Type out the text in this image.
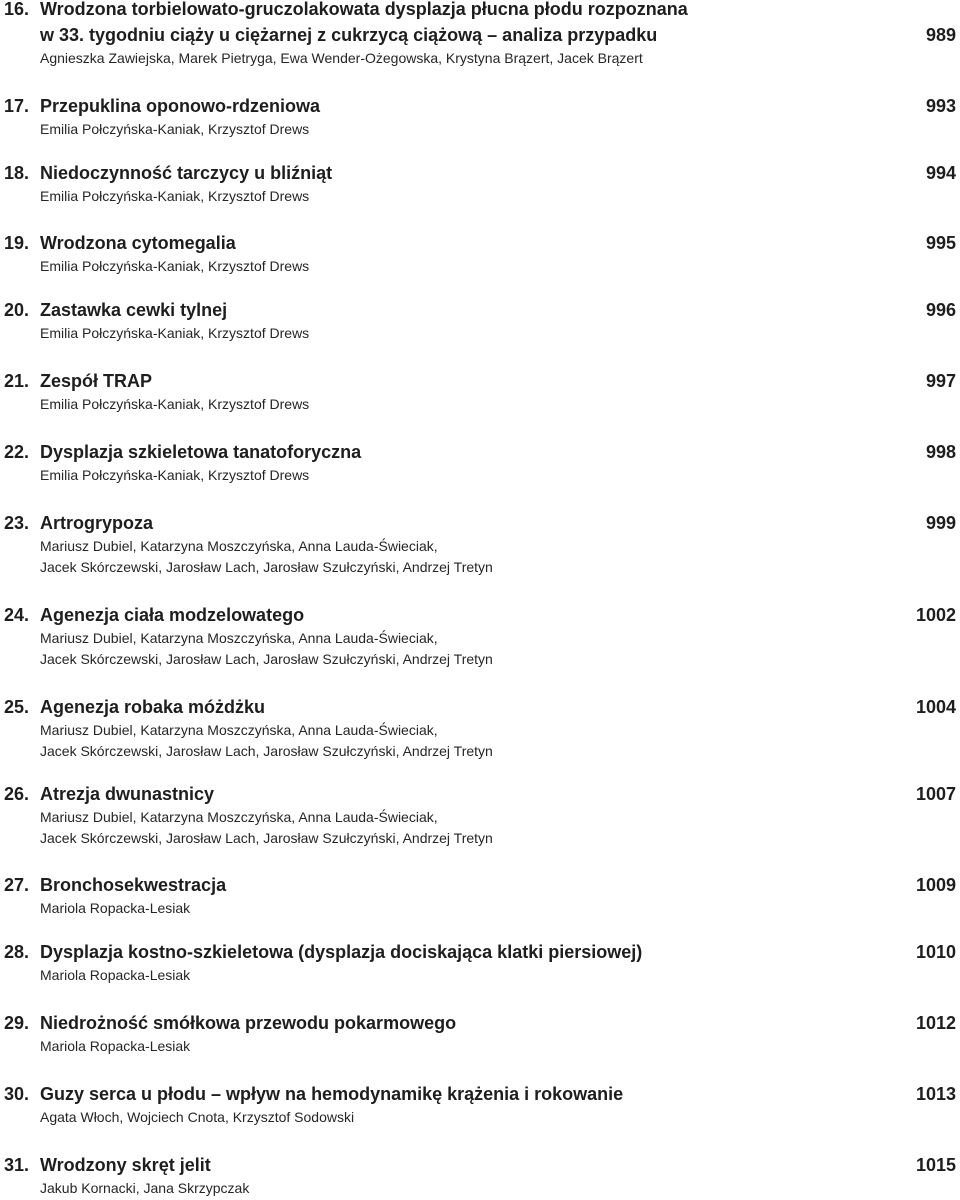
16. Wrodzona torbielowato-gruczolakowata dysplazja płucna płodu rozpoznana
w 33. tygodniu ciąży u ciężarnej z cukrzycą ciążową – analiza przypadku	989
Agnieszka Zawiejska, Marek Pietryga, Ewa Wender-Ożegowska, Krystyna Brązert, Jacek Brązert
17. Przepuklina oponowo-rdzeniowa	993
Emilia Połczyńska-Kaniak, Krzysztof Drews
18. Niedoczynność tarczycy u bliźniąt	994
Emilia Połczyńska-Kaniak, Krzysztof Drews
19. Wrodzona cytomegalia	995
Emilia Połczyńska-Kaniak, Krzysztof Drews
20. Zastawka cewki tylnej	996
Emilia Połczyńska-Kaniak, Krzysztof Drews
21. Zespół TRAP	997
Emilia Połczyńska-Kaniak, Krzysztof Drews
22. Dysplazja szkieletowa tanatoforyczna	998
Emilia Połczyńska-Kaniak, Krzysztof Drews
23. Artrogrypoza	999
Mariusz Dubiel, Katarzyna Moszczyńska, Anna Lauda-Świeciak,
Jacek Skórczewski, Jarosław Lach, Jarosław Szułczyński, Andrzej Tretyn
24. Agenezja ciała modzelowatego	1002
Mariusz Dubiel, Katarzyna Moszczyńska, Anna Lauda-Świeciak,
Jacek Skórczewski, Jarosław Lach, Jarosław Szułczyński, Andrzej Tretyn
25. Agenezja robaka móżdżku	1004
Mariusz Dubiel, Katarzyna Moszczyńska, Anna Lauda-Świeciak,
Jacek Skórczewski, Jarosław Lach, Jarosław Szułczyński, Andrzej Tretyn
26. Atrezja dwunastnicy	1007
Mariusz Dubiel, Katarzyna Moszczyńska, Anna Lauda-Świeciak,
Jacek Skórczewski, Jarosław Lach, Jarosław Szułczyński, Andrzej Tretyn
27. Bronchosekwestracja	1009
Mariola Ropacka-Lesiak
28. Dysplazja kostno-szkieletowa (dysplazja dociskająca klatki piersiowej)	1010
Mariola Ropacka-Lesiak
29. Niedrożność smółkowa przewodu pokarmowego	1012
Mariola Ropacka-Lesiak
30. Guzy serca u płodu – wpływ na hemodynamikę krążenia i rokowanie	1013
Agata Włoch, Wojciech Cnota, Krzysztof Sodowski
31. Wrodzony skręt jelit	1015
Jakub Kornacki, Jana Skrzypczak
